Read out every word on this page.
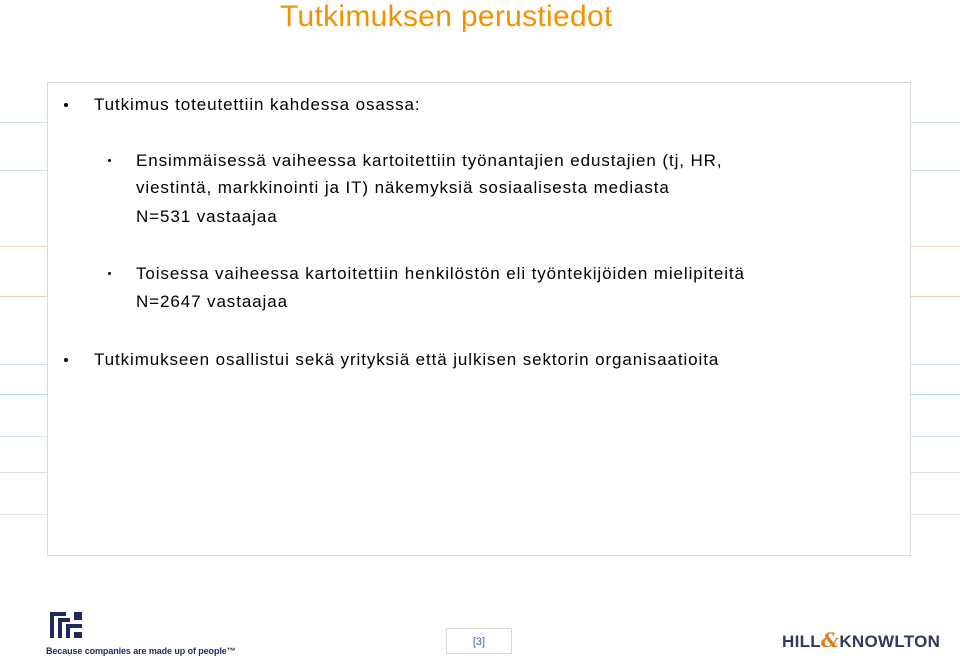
Tutkimuksen perustiedot
Tutkimus toteutettiin kahdessa osassa:
Ensimmäisessä vaiheessa kartoitettiin työnantajien edustajien (tj, HR,
viestintä, markkinointi ja IT) näkemyksiä sosiaalisesta mediasta
N=531 vastaajaa
Toisessa vaiheessa kartoitettiin henkilöstön eli työntekijöiden mielipiteitä
N=2647 vastaajaa
Tutkimukseen osallistui sekä yrityksiä että julkisen sektorin organisaatioita
Because companies are made up of people™
[3]	HILL&KNOWLTON
